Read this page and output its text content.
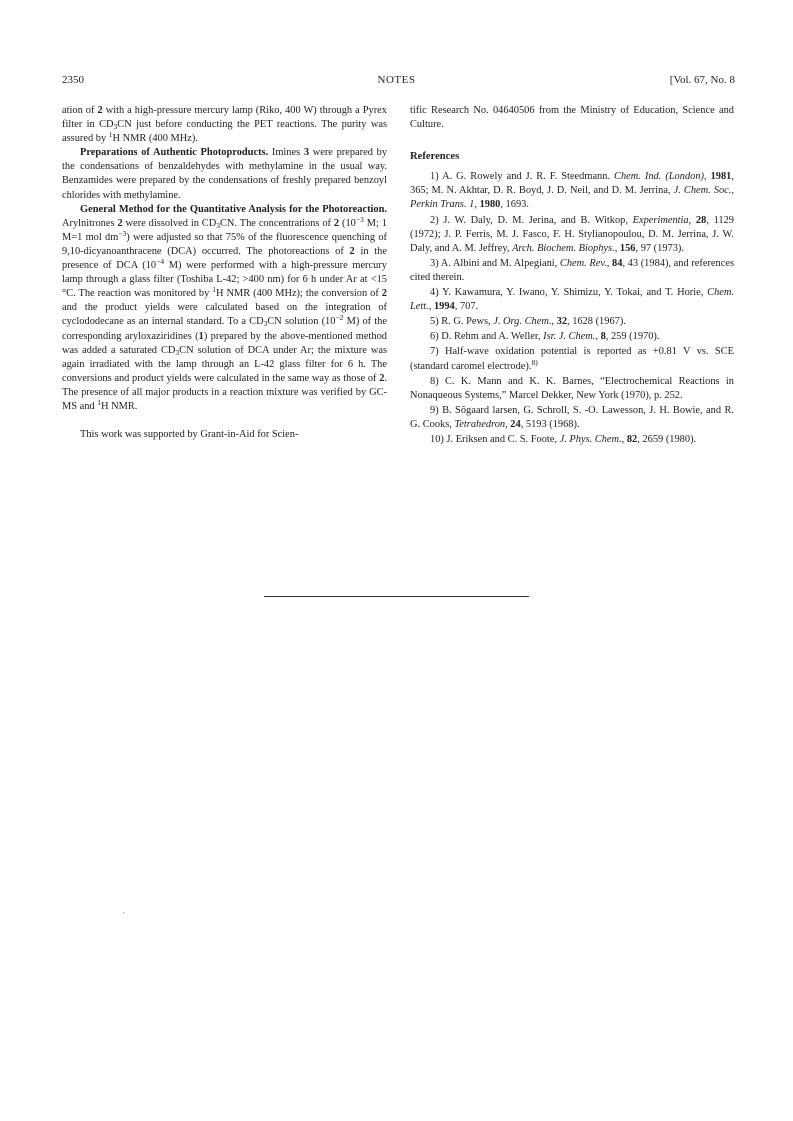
2350	NOTES	[Vol. 67, No. 8

ation of 2 with a high-pressure mercury lamp (Riko, 400 W) through a Pyrex filter in $CD_3CN$ just before conducting the PET reactions. The purity was assured by $^1$H NMR (400 MHz).

Preparations of Authentic Photoproducts. Imines 3 were prepared by the condensations of benzaldehydes with methylamine in the usual way. Benzamides were prepared by the condensations of freshly prepared benzoyl chlorides with methylamine.

General Method for the Quantitative Analysis for the Photoreaction. Arylnitrones 2 were dissolved in $CD_3CN$. The concentrations of 2 ($10^{-3}$ M; 1 M=1 mol $dm^{-3}$) were adjusted so that 75% of the fluorescence quenching of 9,10-dicyanoanthracene (DCA) occurred. The photoreactions of 2 in the presence of DCA ($10^{-4}$ M) were performed with a high-pressure mercury lamp through a glass filter (Toshiba L-42; >400 nm) for 6 h under Ar at <15 °C. The reaction was monitored by $^1$H NMR (400 MHz); the conversion of 2 and the product yields were calculated based on the integration of cyclododecane as an internal standard. To a $CD_3CN$ solution ($10^{-2}$ M) of the corresponding aryloxaziridines (1) prepared by the above-mentioned method was added a saturated $CD_3CN$ solution of DCA under Ar; the mixture was again irradiated with the lamp through an L-42 glass filter for 6 h. The conversions and product yields were calculated in the same way as those of 2. The presence of all major products in a reaction mixture was verified by GC-MS and $^1$H NMR.

This work was supported by Grant-in-Aid for Scien-

tific Research No. 04640506 from the Ministry of Education, Science and Culture.

References

1) A. G. Rowely and J. R. F. Steedmann. Chem. Ind. (London), 1981, 365; M. N. Akhtar, D. R. Boyd, J. D. Neil, and D. M. Jerrina, J. Chem. Soc., Perkin Trans. 1, 1980, 1693.

2) J. W. Daly, D. M. Jerina, and B. Witkop, Experimentia, 28, 1129 (1972); J. P. Ferris, M. J. Fasco, F. H. Stylianopoulou, D. M. Jerrina, J. W. Daly, and A. M. Jeffrey, Arch. Biochem. Biophys., 156, 97 (1973).

3) A. Albini and M. Alpegiani, Chem. Rev., 84, 43 (1984), and references cited therein.

4) Y. Kawamura, Y. Iwano, Y. Shimizu, Y. Tokai, and T. Horie, Chem. Lett., 1994, 707.

5) R. G. Pews, J. Org. Chem., 32, 1628 (1967).

6) D. Rehm and A. Weller, Isr. J. Chem., 8, 259 (1970).

7) Half-wave oxidation potential is reported as +0.81 V vs. SCE (standard caromel electrode).$^{8)}$

8) C. K. Mann and K. K. Barnes, “Electrochemical Reactions in Nonaqueous Systems,” Marcel Dekker, New York (1970), p. 252.

9) B. Sõgaard larsen, G. Schroll, S. -O. Lawesson, J. H. Bowie, and R. G. Cooks, Tetrahedron, 24, 5193 (1968).

10) J. Eriksen and C. S. Foote, J. Phys. Chem., 82, 2659 (1980).
